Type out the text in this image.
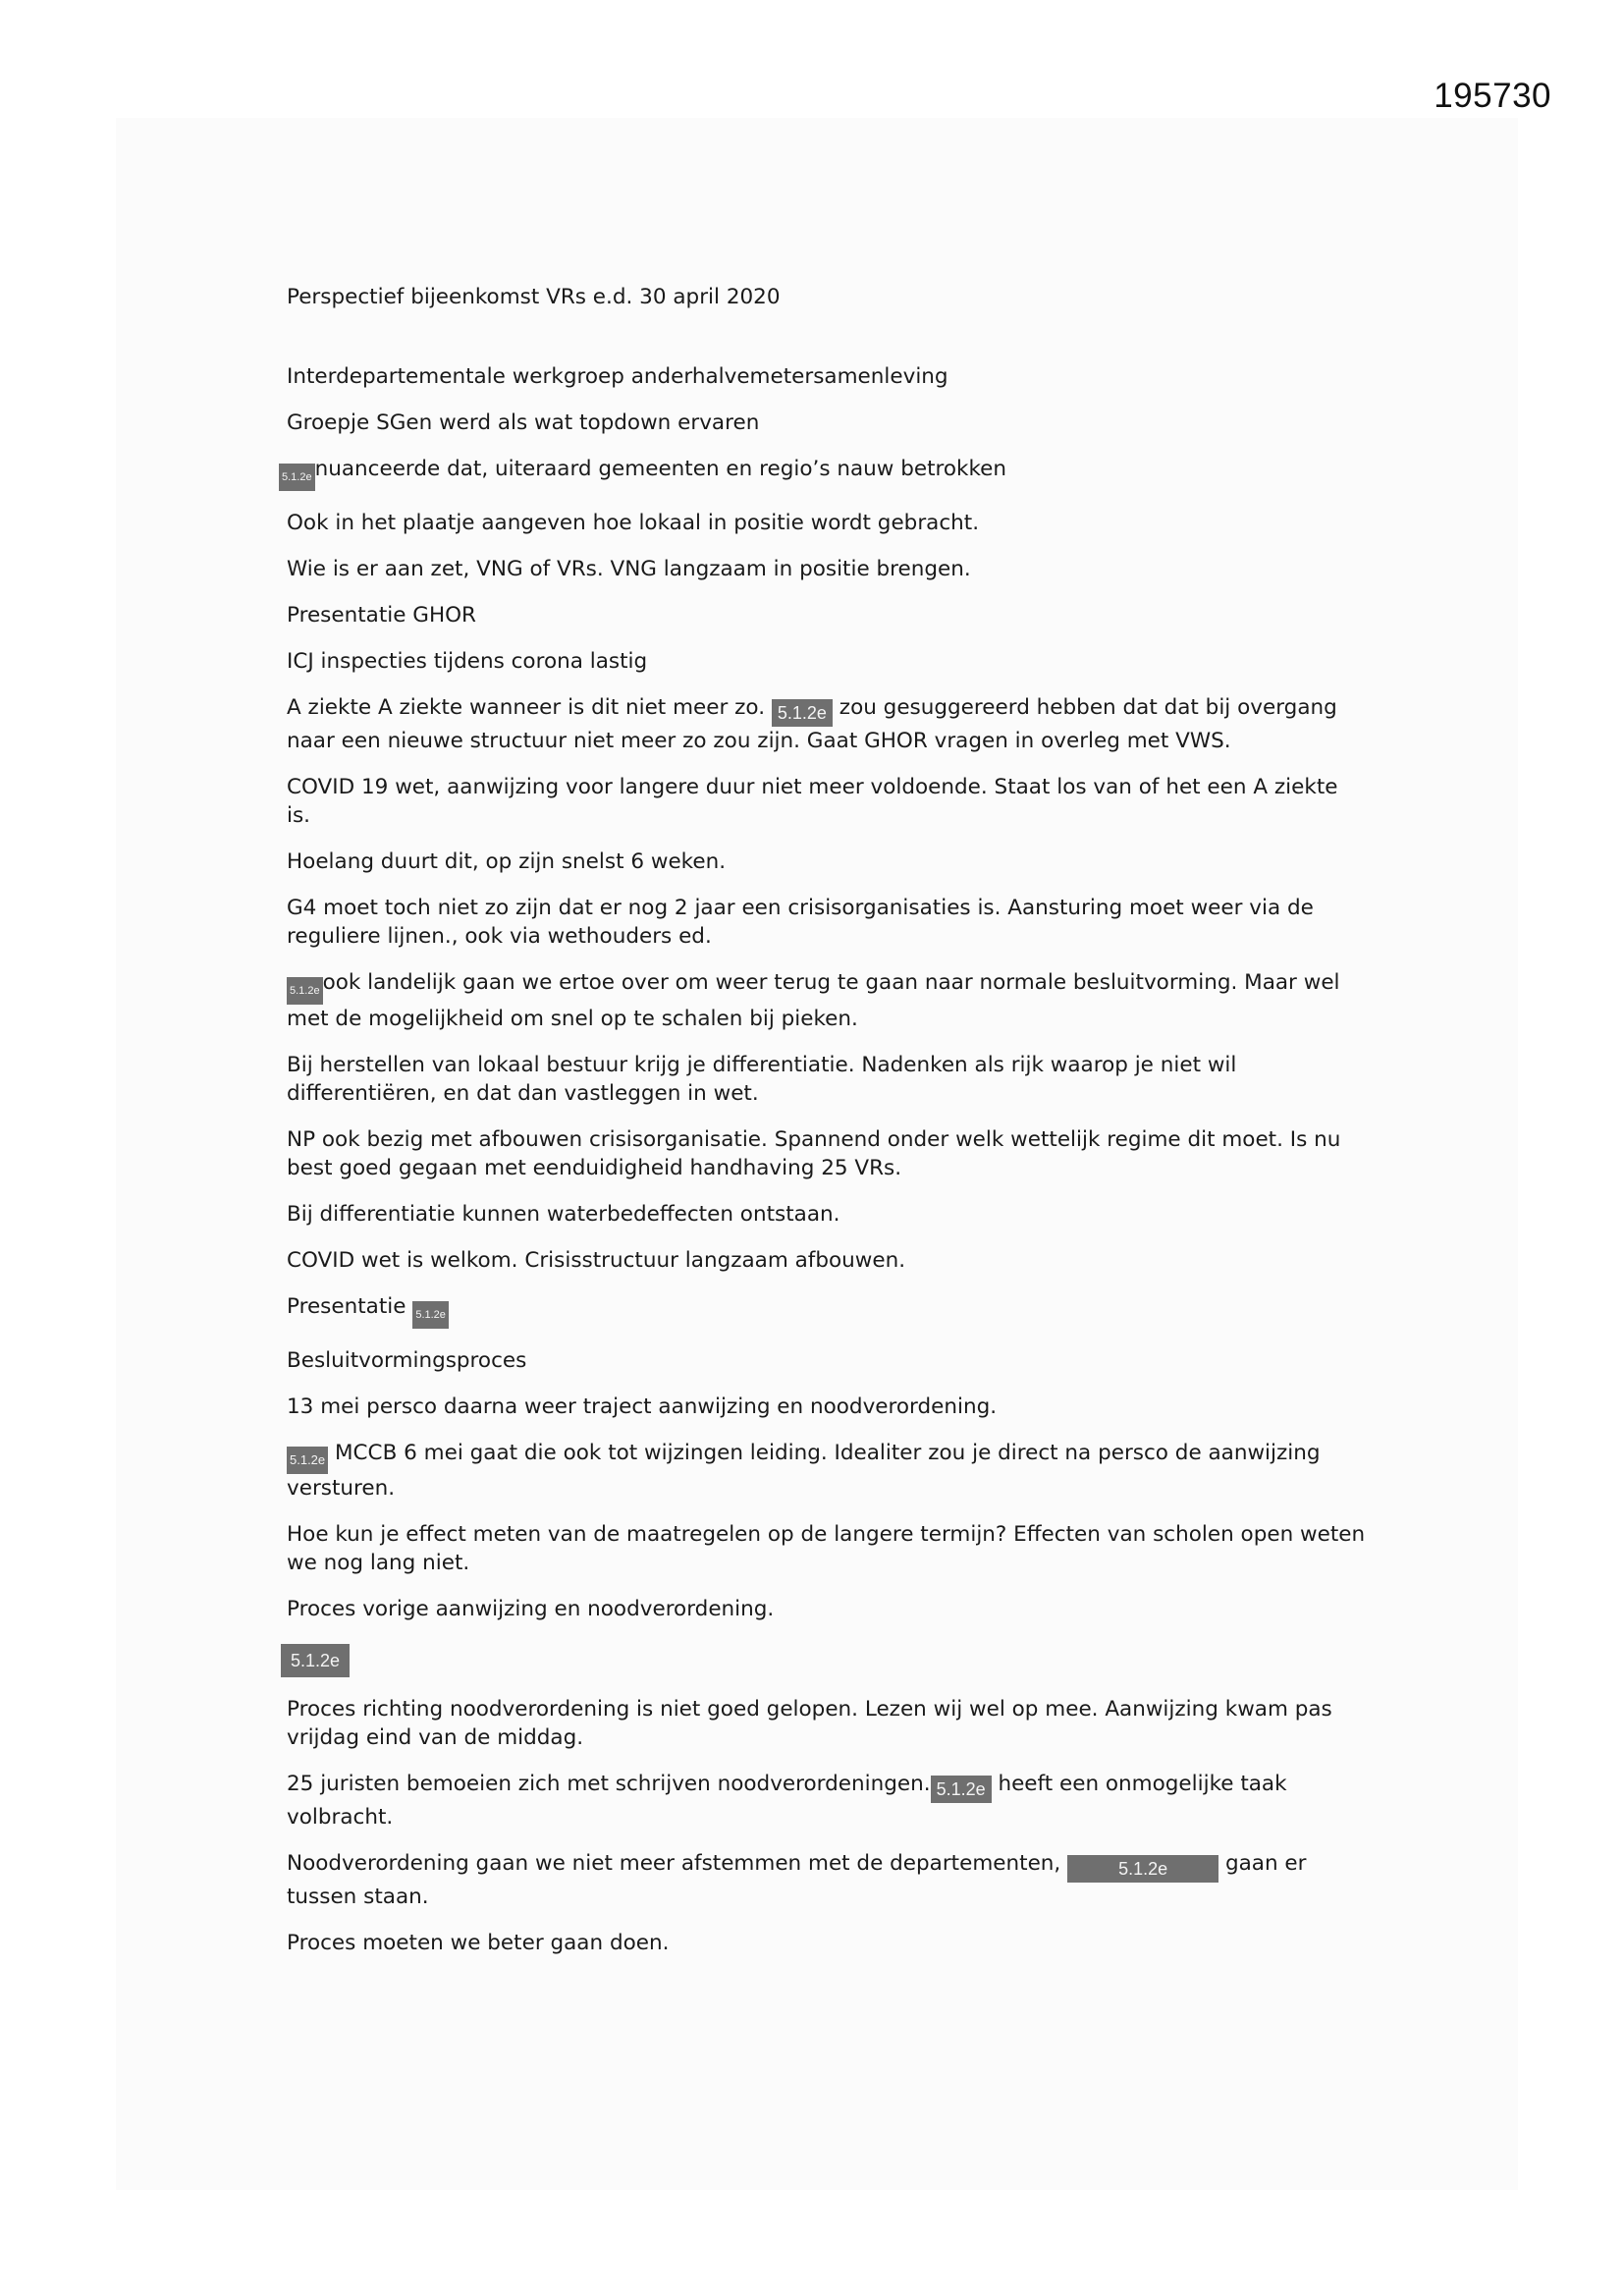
195730

Perspectief bijeenkomst VRs e.d. 30 april 2020

Interdepartementale werkgroep anderhalvemetersamenleving

Groepje SGen werd als wat topdown ervaren

5.1.2e nuanceerde dat, uiteraard gemeenten en regio’s nauw betrokken

Ook in het plaatje aangeven hoe lokaal in positie wordt gebracht.

Wie is er aan zet, VNG of VRs. VNG langzaam in positie brengen.

Presentatie GHOR

ICJ inspecties tijdens corona lastig

A ziekte A ziekte wanneer is dit niet meer zo. 5.1.2e zou gesuggereerd hebben dat dat bij overgang naar een nieuwe structuur niet meer zo zou zijn. Gaat GHOR vragen in overleg met VWS.

COVID 19 wet, aanwijzing voor langere duur niet meer voldoende. Staat los van of het een A ziekte is.

Hoelang duurt dit, op zijn snelst 6 weken.

G4 moet toch niet zo zijn dat er nog 2 jaar een crisisorganisaties is. Aansturing moet weer via de reguliere lijnen., ook via wethouders ed.

5.1.2e ook landelijk gaan we ertoe over om weer terug te gaan naar normale besluitvorming. Maar wel met de mogelijkheid om snel op te schalen bij pieken.

Bij herstellen van lokaal bestuur krijg je differentiatie. Nadenken als rijk waarop je niet wil differentiëren, en dat dan vastleggen in wet.

NP ook bezig met afbouwen crisisorganisatie. Spannend onder welk wettelijk regime dit moet. Is nu best goed gegaan met eenduidigheid handhaving 25 VRs.

Bij differentiatie kunnen waterbedeffecten ontstaan.

COVID wet is welkom. Crisisstructuur langzaam afbouwen.

Presentatie 5.1.2e

Besluitvormingsproces

13 mei persco daarna weer traject aanwijzing en noodverordening.

5.1.2e MCCB 6 mei gaat die ook tot wijzingen leiding. Idealiter zou je direct na persco de aanwijzing versturen.

Hoe kun je effect meten van de maatregelen op de langere termijn? Effecten van scholen open weten we nog lang niet.

Proces vorige aanwijzing en noodverordening.

5.1.2e

Proces richting noodverordening is niet goed gelopen. Lezen wij wel op mee. Aanwijzing kwam pas vrijdag eind van de middag.

25 juristen bemoeien zich met schrijven noodverordeningen. 5.1.2e heeft een onmogelijke taak volbracht.

Noodverordening gaan we niet meer afstemmen met de departementen,	5.1.2e	gaan er tussen staan.

Proces moeten we beter gaan doen.
